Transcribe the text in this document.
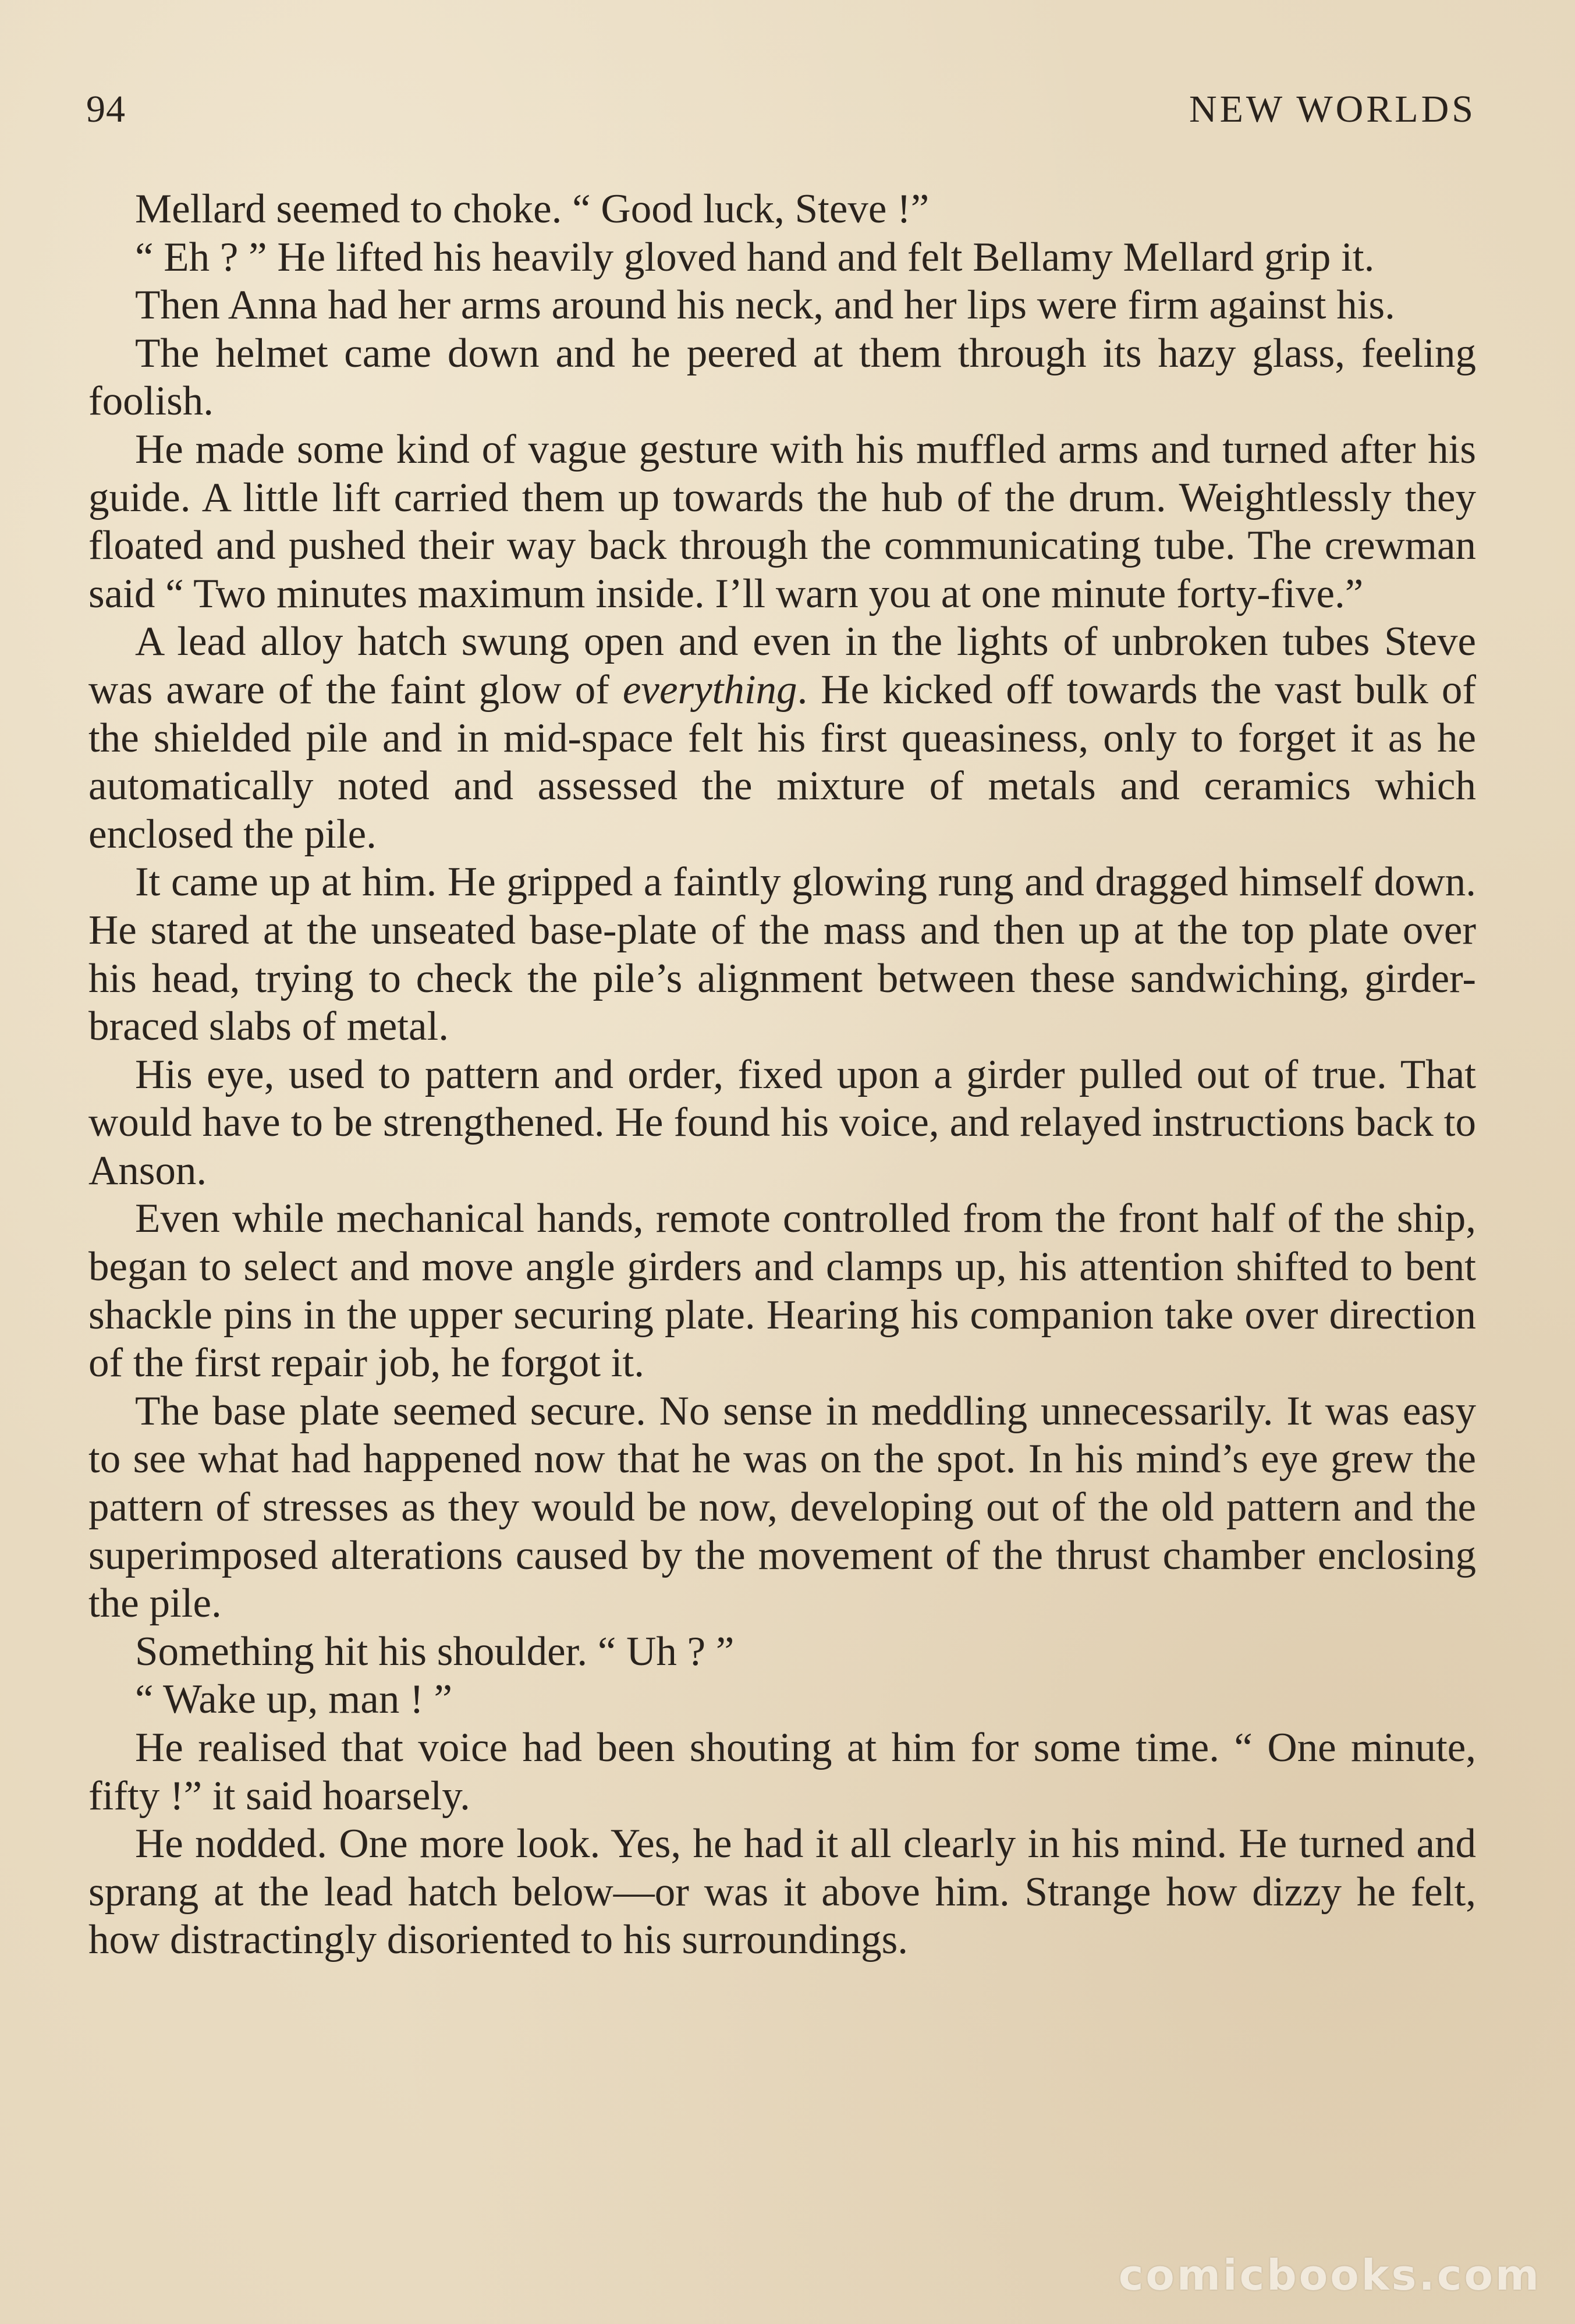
94	NEW WORLDS

Mellard seemed to choke. “ Good luck, Steve !”

“ Eh ? ” He lifted his heavily gloved hand and felt Bellamy Mellard grip it.

Then Anna had her arms around his neck, and her lips were firm against his.

The helmet came down and he peered at them through its hazy glass, feeling foolish.

He made some kind of vague gesture with his muffled arms and turned after his guide. A little lift carried them up towards the hub of the drum. Weightlessly they floated and pushed their way back through the communicating tube. The crewman said “ Two minutes maximum inside. I’ll warn you at one minute forty-five.”

A lead alloy hatch swung open and even in the lights of unbroken tubes Steve was aware of the faint glow of everything. He kicked off towards the vast bulk of the shielded pile and in mid-space felt his first queasiness, only to forget it as he automatically noted and assessed the mixture of metals and ceramics which enclosed the pile.

It came up at him. He gripped a faintly glowing rung and dragged himself down. He stared at the unseated base-plate of the mass and then up at the top plate over his head, trying to check the pile’s alignment between these sandwiching, girder-braced slabs of metal.

His eye, used to pattern and order, fixed upon a girder pulled out of true. That would have to be strengthened. He found his voice, and relayed instructions back to Anson.

Even while mechanical hands, remote controlled from the front half of the ship, began to select and move angle girders and clamps up, his attention shifted to bent shackle pins in the upper securing plate. Hearing his companion take over direction of the first repair job, he forgot it.

The base plate seemed secure. No sense in meddling unnecessarily. It was easy to see what had happened now that he was on the spot. In his mind’s eye grew the pattern of stresses as they would be now, developing out of the old pattern and the superimposed alterations caused by the movement of the thrust chamber enclosing the pile.

Something hit his shoulder. “ Uh ? ”

“ Wake up, man ! ”

He realised that voice had been shouting at him for some time. “ One minute, fifty !” it said hoarsely.

He nodded. One more look. Yes, he had it all clearly in his mind. He turned and sprang at the lead hatch below—or was it above him. Strange how dizzy he felt, how distractingly disoriented to his surroundings.

comicbooks.com
